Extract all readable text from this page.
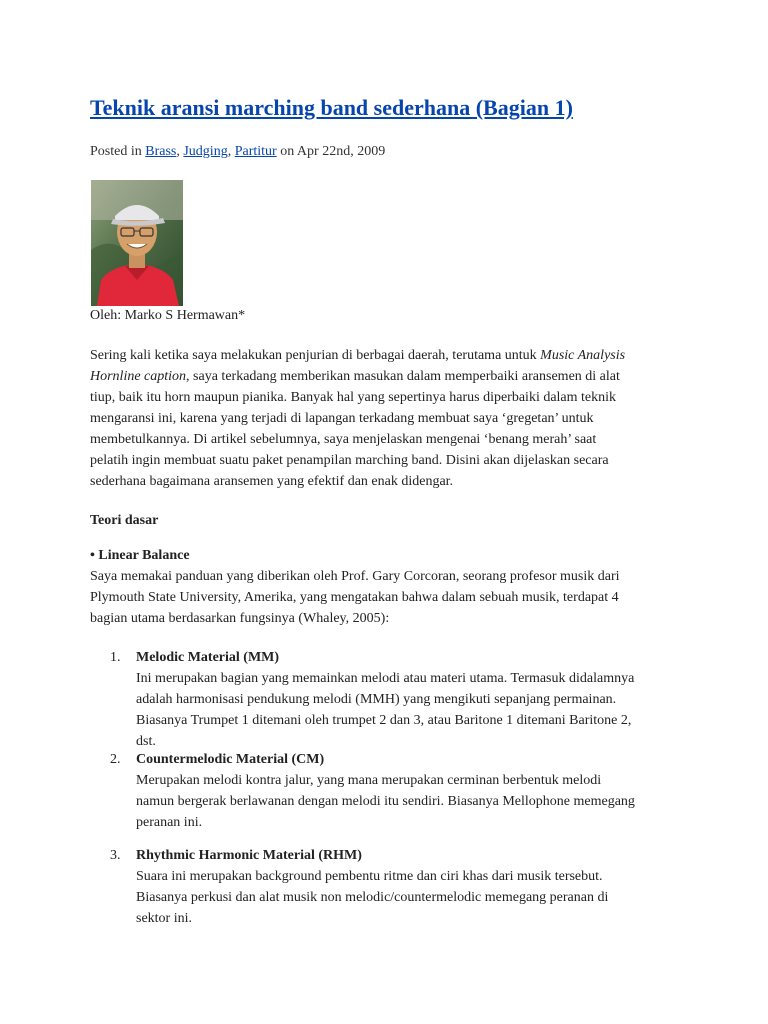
Teknik aransi marching band sederhana (Bagian 1)
Posted in Brass, Judging, Partitur on Apr 22nd, 2009
Oleh: Marko S Hermawan*
Sering kali ketika saya melakukan penjurian di berbagai daerah, terutama untuk Music Analysis
Hornline caption, saya terkadang memberikan masukan dalam memperbaiki aransemen di alat
tiup, baik itu horn maupun pianika. Banyak hal yang sepertinya harus diperbaiki dalam teknik
mengaransi ini, karena yang terjadi di lapangan terkadang membuat saya ‘gregetan’ untuk
membetulkannya. Di artikel sebelumnya, saya menjelaskan mengenai ‘benang merah’ saat
pelatih ingin membuat suatu paket penampilan marching band. Disini akan dijelaskan secara
sederhana bagaimana aransemen yang efektif dan enak didengar.
Teori dasar
• Linear Balance
Saya memakai panduan yang diberikan oleh Prof. Gary Corcoran, seorang profesor musik dari
Plymouth State University, Amerika, yang mengatakan bahwa dalam sebuah musik, terdapat 4
bagian utama berdasarkan fungsinya (Whaley, 2005):
1.	Melodic Material (MM)
Ini merupakan bagian yang memainkan melodi atau materi utama. Termasuk didalamnya
adalah harmonisasi pendukung melodi (MMH) yang mengikuti sepanjang permainan.
Biasanya Trumpet 1 ditemani oleh trumpet 2 dan 3, atau Baritone 1 ditemani Baritone 2,
dst.
2.	Countermelodic Material (CM)
Merupakan melodi kontra jalur, yang mana merupakan cerminan berbentuk melodi
namun bergerak berlawanan dengan melodi itu sendiri. Biasanya Mellophone memegang
peranan ini.
3.	Rhythmic Harmonic Material (RHM)
Suara ini merupakan background pembentu ritme dan ciri khas dari musik tersebut.
Biasanya perkusi dan alat musik non melodic/countermelodic memegang peranan di
sektor ini.
